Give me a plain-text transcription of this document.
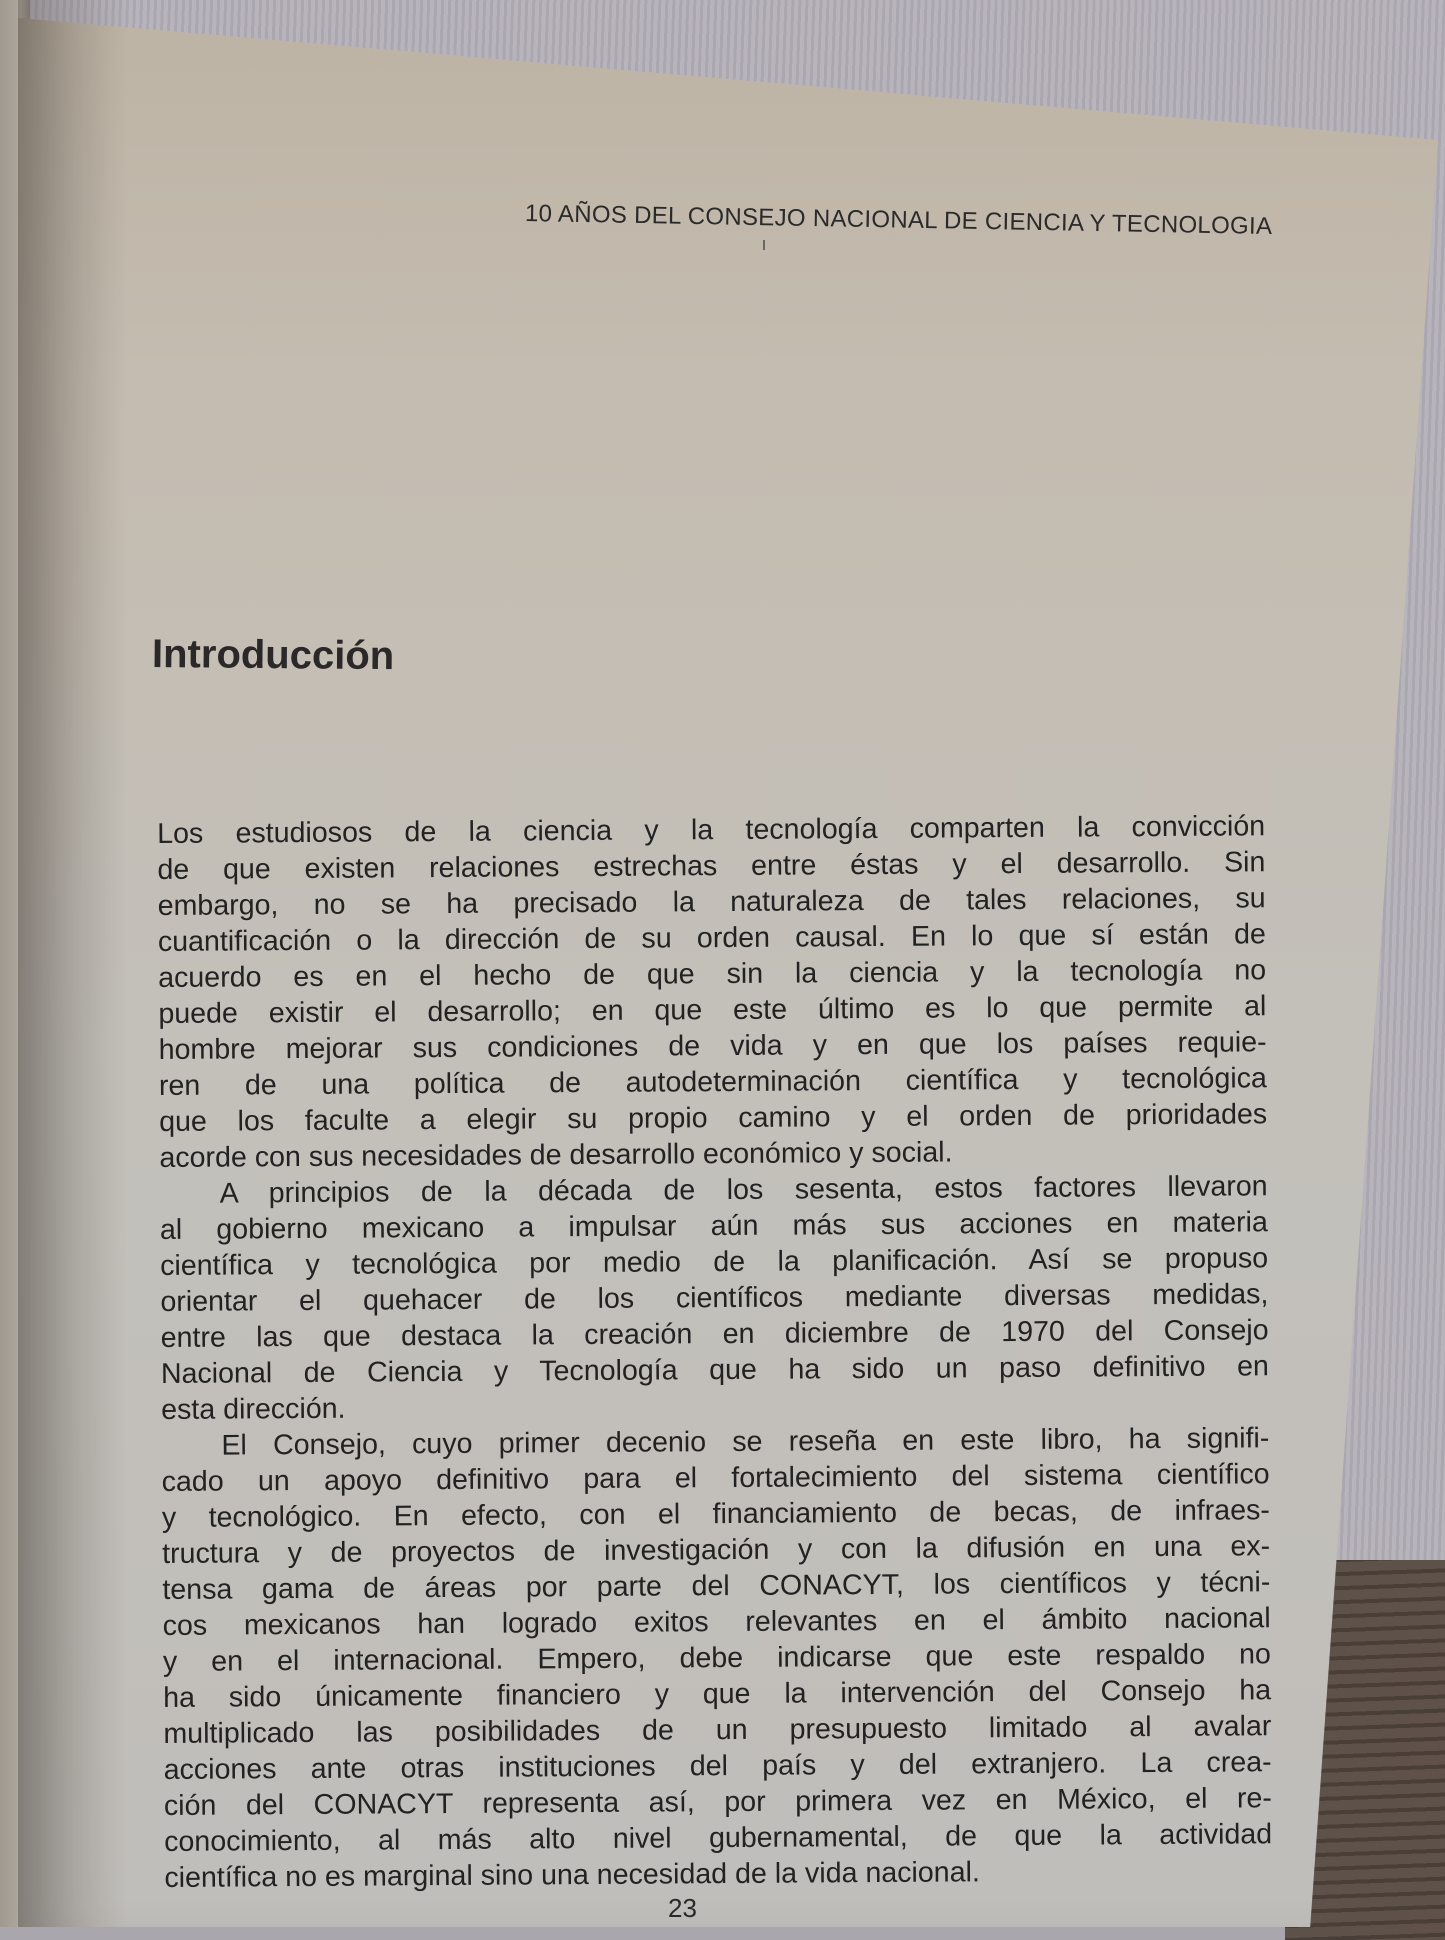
10 AÑOS DEL CONSEJO NACIONAL DE CIENCIA Y TECNOLOGIA
Introducción
Los estudiosos de la ciencia y la tecnología comparten la convicción
de que existen relaciones estrechas entre éstas y el desarrollo. Sin
embargo, no se ha precisado la naturaleza de tales relaciones, su
cuantificación o la dirección de su orden causal. En lo que sí están de
acuerdo es en el hecho de que sin la ciencia y la tecnología no
puede existir el desarrollo; en que este último es lo que permite al
hombre mejorar sus condiciones de vida y en que los países requie-
ren de una política de autodeterminación científica y tecnológica
que los faculte a elegir su propio camino y el orden de prioridades
acorde con sus necesidades de desarrollo económico y social.
A principios de la década de los sesenta, estos factores llevaron
al gobierno mexicano a impulsar aún más sus acciones en materia
científica y tecnológica por medio de la planificación. Así se propuso
orientar el quehacer de los científicos mediante diversas medidas,
entre las que destaca la creación en diciembre de 1970 del Consejo
Nacional de Ciencia y Tecnología que ha sido un paso definitivo en
esta dirección.
El Consejo, cuyo primer decenio se reseña en este libro, ha signifi-
cado un apoyo definitivo para el fortalecimiento del sistema científico
y tecnológico. En efecto, con el financiamiento de becas, de infraes-
tructura y de proyectos de investigación y con la difusión en una ex-
tensa gama de áreas por parte del CONACYT, los científicos y técni-
cos mexicanos han logrado exitos relevantes en el ámbito nacional
y en el internacional. Empero, debe indicarse que este respaldo no
ha sido únicamente financiero y que la intervención del Consejo ha
multiplicado las posibilidades de un presupuesto limitado al avalar
acciones ante otras instituciones del país y del extranjero. La crea-
ción del CONACYT representa así, por primera vez en México, el re-
conocimiento, al más alto nivel gubernamental, de que la actividad
científica no es marginal sino una necesidad de la vida nacional.
23
